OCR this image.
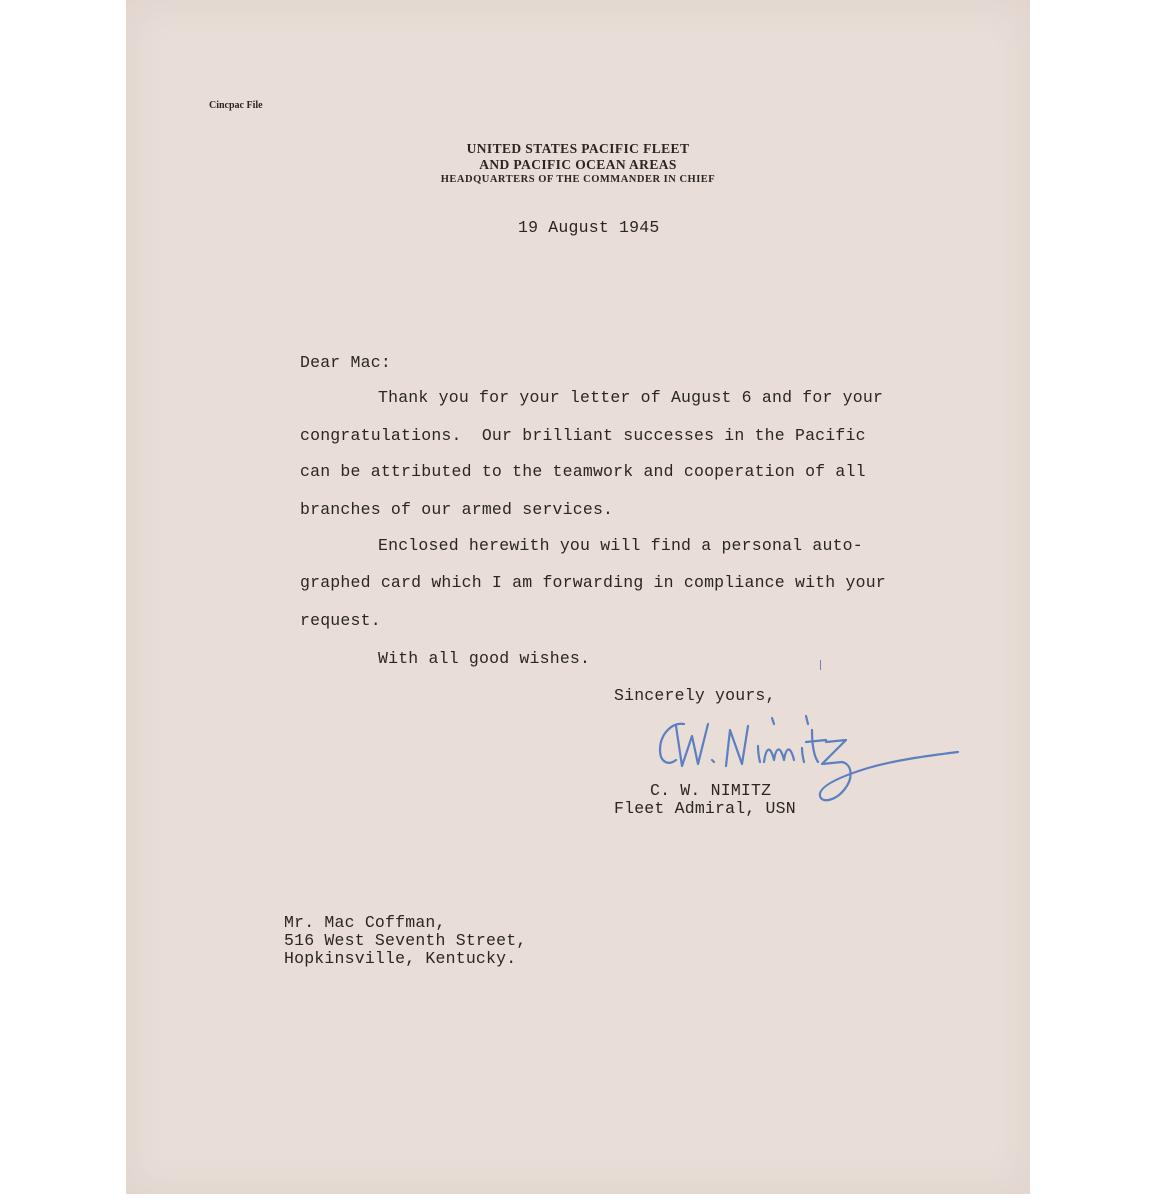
Cincpac File
UNITED STATES PACIFIC FLEET
AND PACIFIC OCEAN AREAS
HEADQUARTERS OF THE COMMANDER IN CHIEF
19 August 1945
Dear Mac:
Thank you for your letter of August 6 and for your
congratulations.  Our brilliant successes in the Pacific
can be attributed to the teamwork and cooperation of all
branches of our armed services.
Enclosed herewith you will find a personal auto-
graphed card which I am forwarding in compliance with your
request.
With all good wishes.
Sincerely yours,
C. W. NIMITZ
Fleet Admiral, USN
Mr. Mac Coffman,
516 West Seventh Street,
Hopkinsville, Kentucky.
